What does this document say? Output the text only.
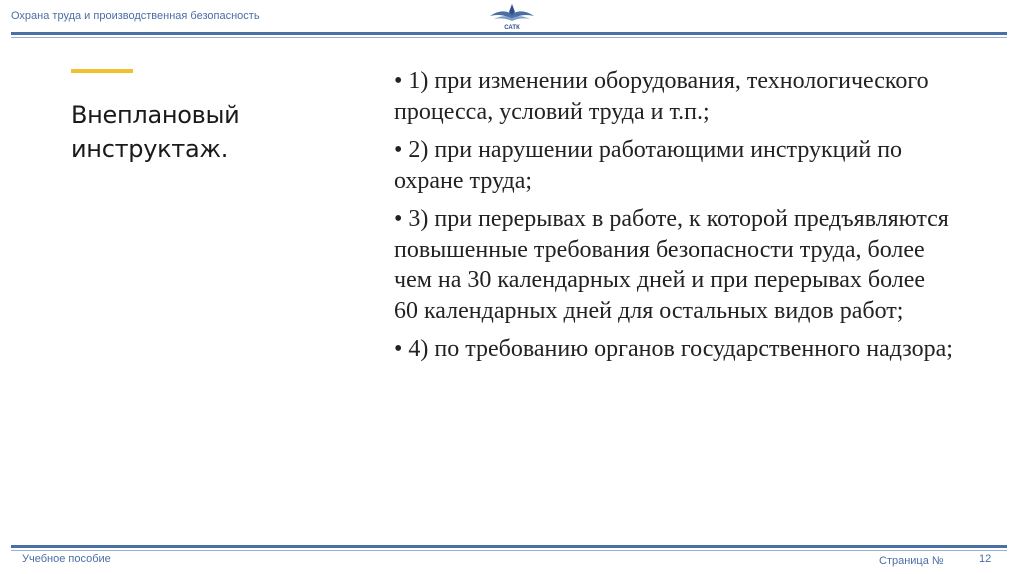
Охрана труда и производственная безопасность
САТК
Внеплановый инструктаж.
• 1) при изменении оборудования, технологического процесса, условий труда и т.п.;
• 2) при нарушении работающими инструкций по охране труда;
• 3) при перерывах в работе, к которой предъявляются повышенные требования безопасности труда, более чем на 30 календарных дней и при перерывах более 60 календарных дней для остальных видов работ;
• 4) по требованию органов государственного надзора;
Учебное пособие	Страница №	12
